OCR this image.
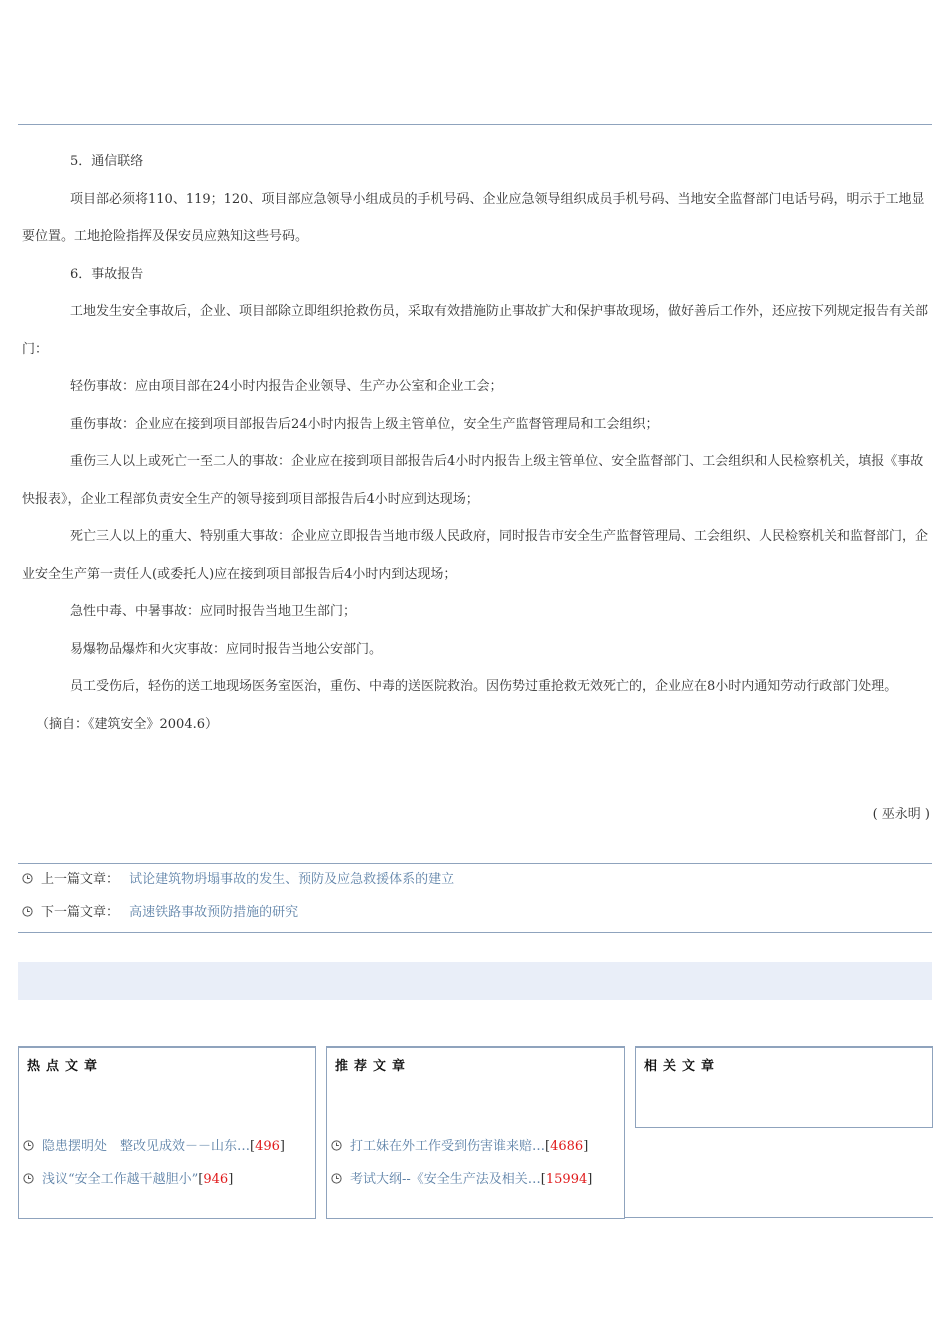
5．通信联络

项目部必须将110、119；120、项目部应急领导小组成员的手机号码、企业应急领导组织成员手机号码、当地安全监督部门电话号码，明示于工地显要位置。工地抢险指挥及保安员应熟知这些号码。

6．事故报告

工地发生安全事故后，企业、项目部除立即组织抢救伤员，采取有效措施防止事故扩大和保护事故现场，做好善后工作外，还应按下列规定报告有关部门：

轻伤事故：应由项目部在24小时内报告企业领导、生产办公室和企业工会；

重伤事故：企业应在接到项目部报告后24小时内报告上级主管单位，安全生产监督管理局和工会组织；

重伤三人以上或死亡一至二人的事故：企业应在接到项目部报告后4小时内报告上级主管单位、安全监督部门、工会组织和人民检察机关，填报《事故快报表》，企业工程部负责安全生产的领导接到项目部报告后4小时应到达现场；

死亡三人以上的重大、特别重大事故：企业应立即报告当地市级人民政府，同时报告市安全生产监督管理局、工会组织、人民检察机关和监督部门，企业安全生产第一责任人(或委托人)应在接到项目部报告后4小时内到达现场；

急性中毒、中暑事故：应同时报告当地卫生部门；

易爆物品爆炸和火灾事故：应同时报告当地公安部门。

员工受伤后，轻伤的送工地现场医务室医治，重伤、中毒的送医院救治。因伤势过重抢救无效死亡的，企业应在8小时内通知劳动行政部门处理。

（摘自：《建筑安全》2004.6）

( 巫永明 )
上一篇文章： 试论建筑物坍塌事故的发生、预防及应急救援体系的建立
下一篇文章： 高速铁路事故预防措施的研究
热点文章
隐患摆明处　整改见成效－－山东…[496]
浅议“安全工作越干越胆小”[946]
推荐文章
打工妹在外工作受到伤害谁来赔…[4686]
考试大纲--《安全生产法及相关…[15994]
相关文章
